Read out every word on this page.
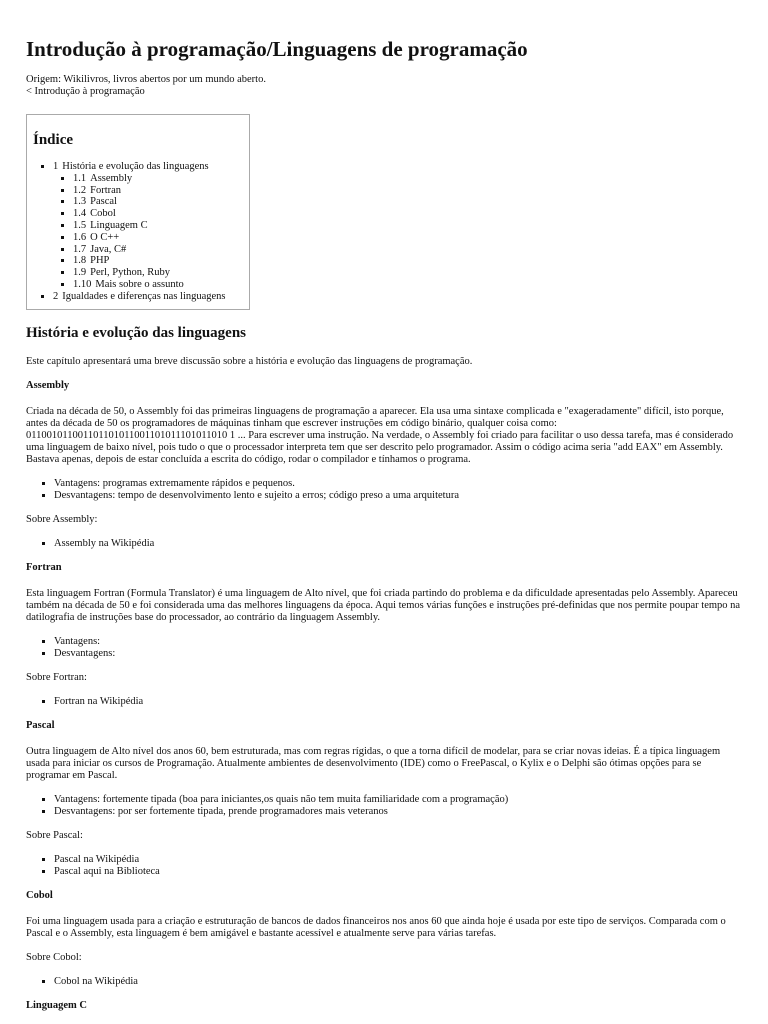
Introdução à programação/Linguagens de programação
Origem: Wikilivros, livros abertos por um mundo aberto.
< Introdução à programação
Índice
▪ 1 História e evolução das linguagens
▪ 1.1 Assembly
▪ 1.2 Fortran
▪ 1.3 Pascal
▪ 1.4 Cobol
▪ 1.5 Linguagem C
▪ 1.6 O C++
▪ 1.7 Java, C#
▪ 1.8 PHP
▪ 1.9 Perl, Python, Ruby
▪ 1.10 Mais sobre o assunto
▪ 2 Igualdades e diferenças nas linguagens
História e evolução das linguagens

Este capítulo apresentará uma breve discussão sobre a história e evolução das linguagens de programação.

Assembly

Criada na década de 50, o Assembly foi das primeiras linguagens de programação a aparecer. Ela usa uma sintaxe complicada e "exageradamente" difícil, isto porque, antes da década de 50 os programadores de máquinas tinham que escrever instruções em código binário, qualquer coisa como: 011001011001101101011001101011101011010 1 ... Para escrever uma instrução. Na verdade, o Assembly foi criado para facilitar o uso dessa tarefa, mas é considerado uma linguagem de baixo nível, pois tudo o que o processador interpreta tem que ser descrito pelo programador. Assim o código acima seria "add EAX" em Assembly. Bastava apenas, depois de estar concluída a escrita do código, rodar o compilador e tínhamos o programa.

▪ Vantagens: programas extremamente rápidos e pequenos.
▪ Desvantagens: tempo de desenvolvimento lento e sujeito a erros; código preso a uma arquitetura

Sobre Assembly:

▪ Assembly na Wikipédia
Fortran

Esta linguagem Fortran (Formula Translator) é uma linguagem de Alto nível, que foi criada partindo do problema e da dificuldade apresentadas pelo Assembly. Apareceu também na década de 50 e foi considerada uma das melhores linguagens da época. Aqui temos várias funções e instruções pré-definidas que nos permite poupar tempo na datilografia de instruções base do processador, ao contrário da linguagem Assembly.

▪ Vantagens:
▪ Desvantagens:

Sobre Fortran:

▪ Fortran na Wikipédia
Pascal

Outra linguagem de Alto nível dos anos 60, bem estruturada, mas com regras rígidas, o que a torna difícil de modelar, para se criar novas ideias. É a típica linguagem usada para iniciar os cursos de Programação. Atualmente ambientes de desenvolvimento (IDE) como o FreePascal, o Kylix e o Delphi são ótimas opções para se programar em Pascal.

▪ Vantagens: fortemente tipada (boa para iniciantes,os quais não tem muita familiaridade com a programação)
▪ Desvantagens: por ser fortemente tipada, prende programadores mais veteranos

Sobre Pascal:

▪ Pascal na Wikipédia
▪ Pascal aqui na Biblioteca
Cobol

Foi uma linguagem usada para a criação e estruturação de bancos de dados financeiros nos anos 60 que ainda hoje é usada por este tipo de serviços. Comparada com o Pascal e o Assembly, esta linguagem é bem amigável e bastante acessível e atualmente serve para várias tarefas.

Sobre Cobol:

▪ Cobol na Wikipédia
Linguagem C
